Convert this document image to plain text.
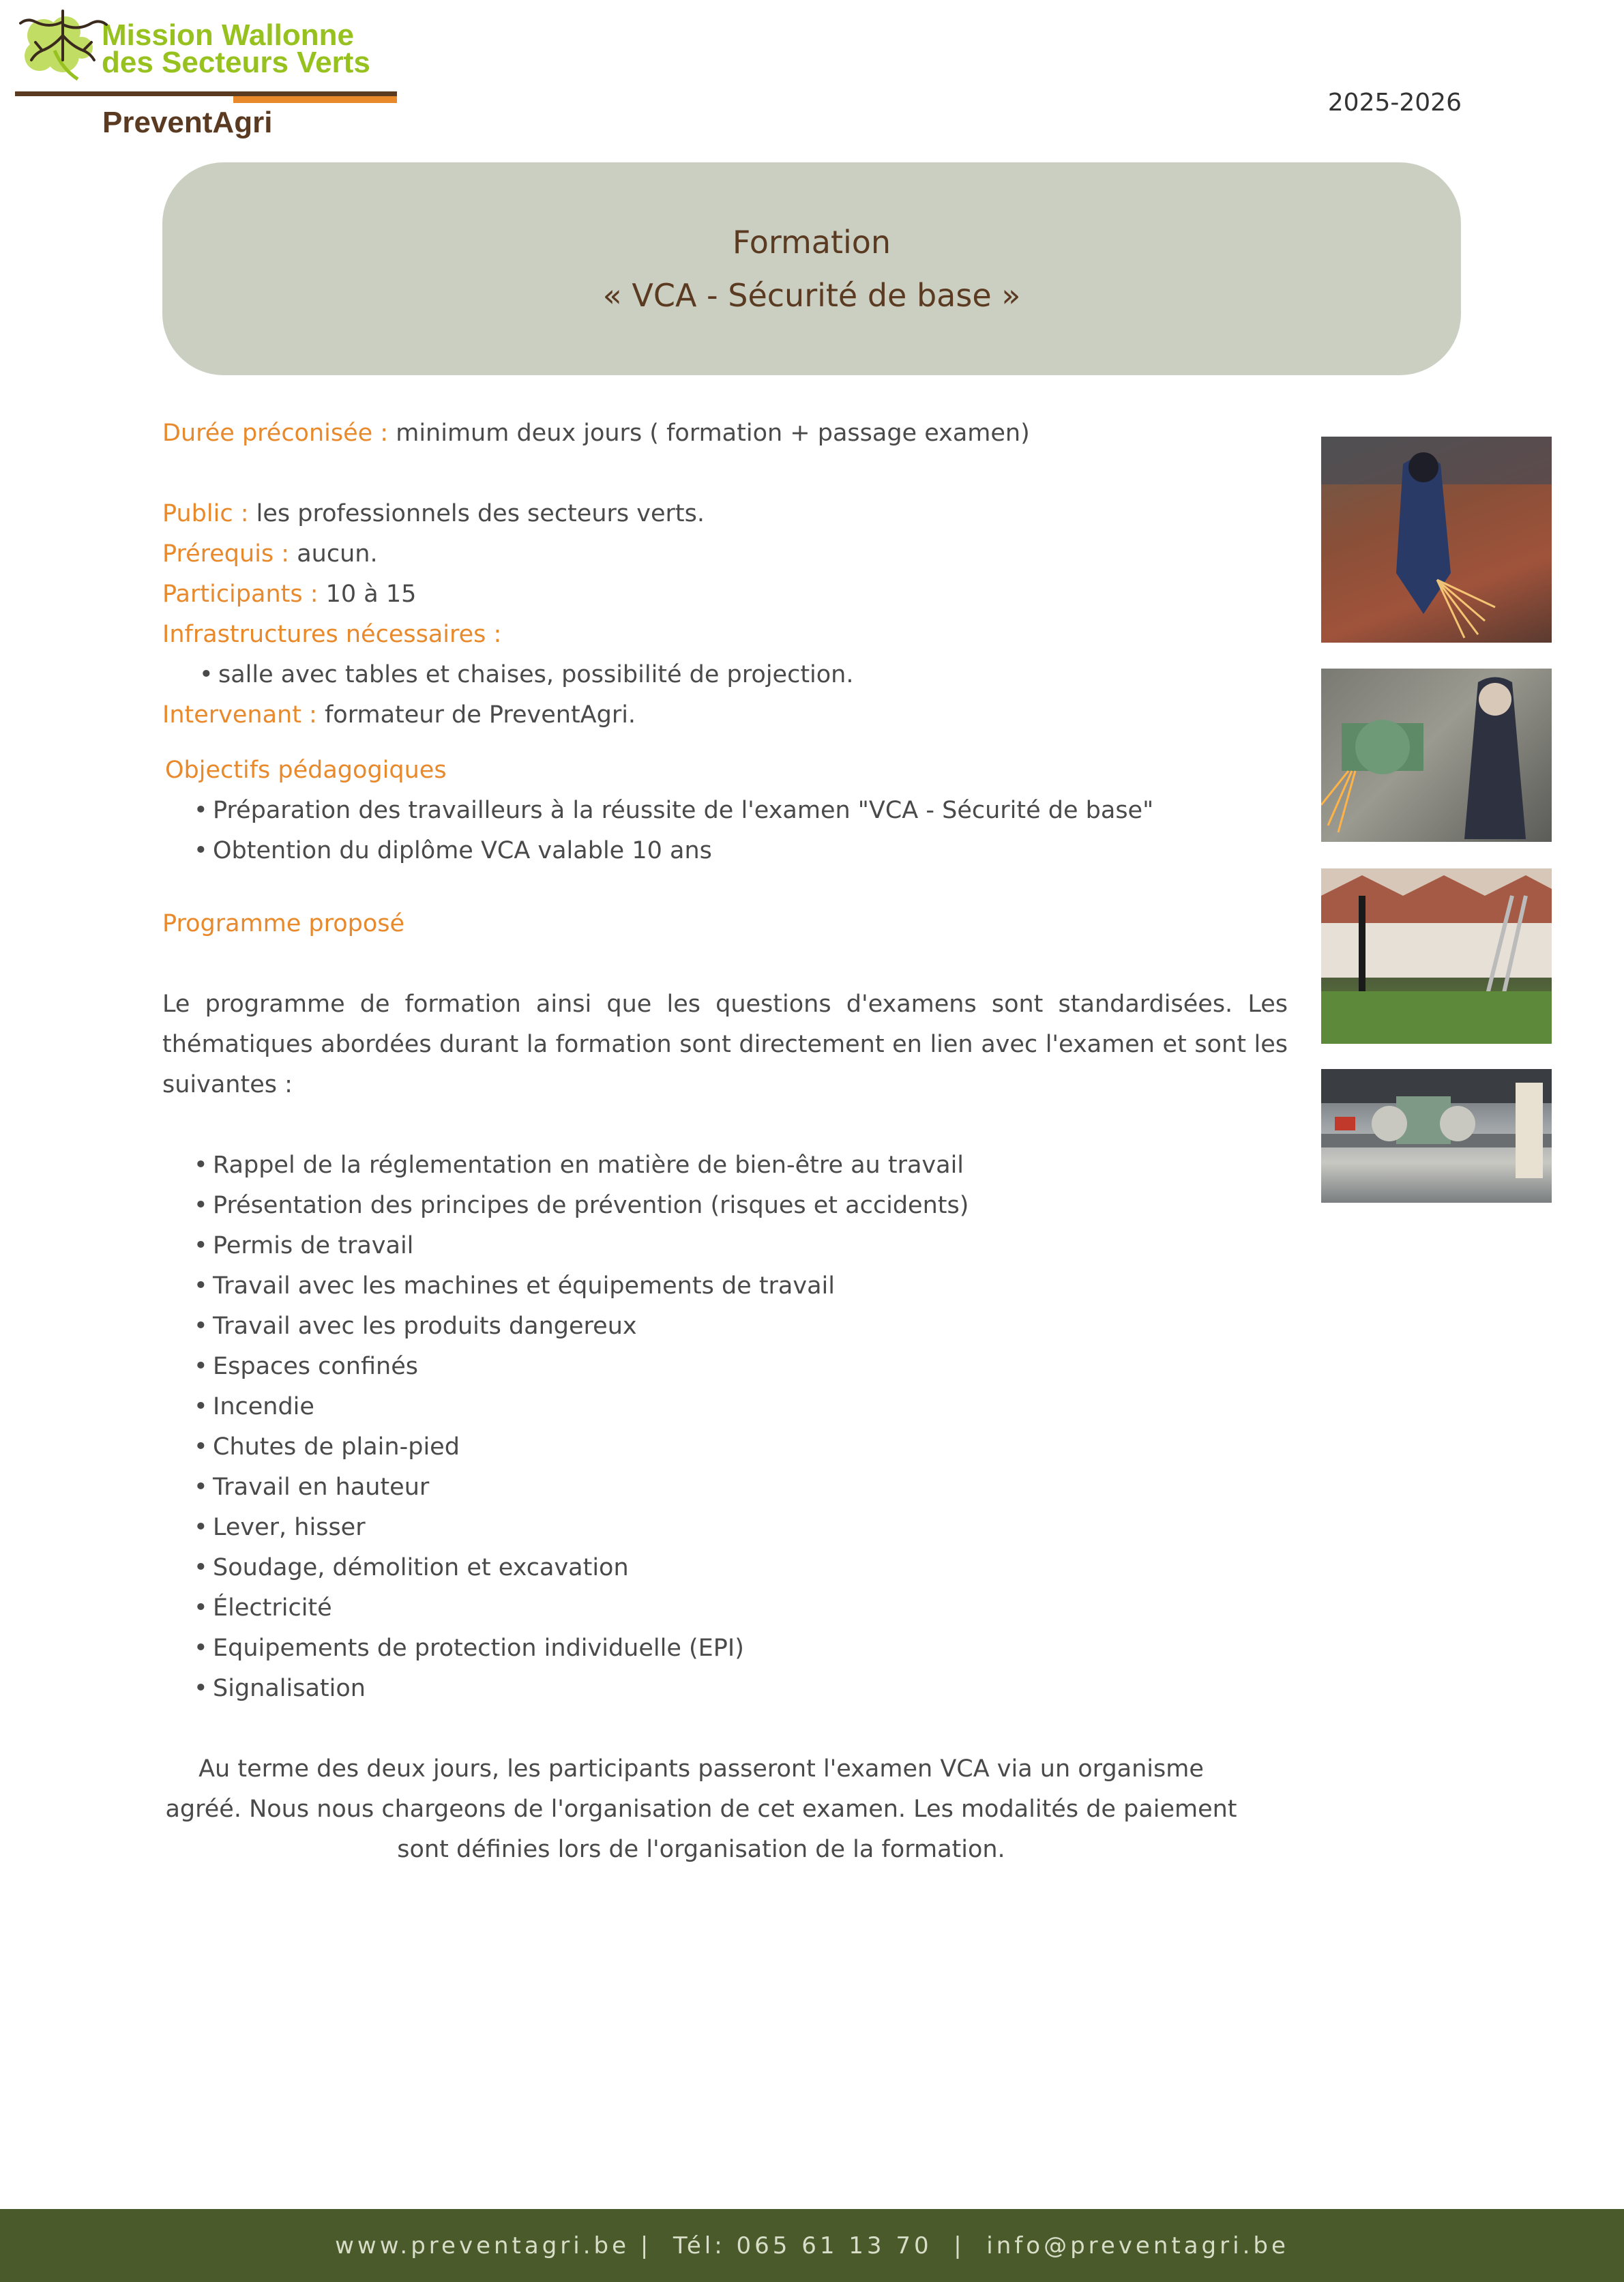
Mission Wallonne
des Secteurs Verts
PreventAgri
2025-2026
Formation
« VCA - Sécurité de base »

Durée préconisée : minimum deux jours ( formation + passage examen)

Public : les professionnels des secteurs verts.

Prérequis : aucun.

Participants : 10 à 15

Infrastructures nécessaires :

• salle avec tables et chaises, possibilité de projection.

Intervenant : formateur de PreventAgri.

Objectifs pédagogiques
• Préparation des travailleurs à la réussite de l'examen "VCA - Sécurité de base"
• Obtention du diplôme VCA valable 10 ans
Programme proposé

Le programme de formation ainsi que les questions d'examens sont standardisées. Les thématiques abordées durant la formation sont directement en lien avec l'examen et sont les suivantes :

• Rappel de la réglementation en matière de bien-être au travail
• Présentation des principes de prévention (risques et accidents)
• Permis de travail
• Travail avec les machines et équipements de travail
• Travail avec les produits dangereux
• Espaces confinés
• Incendie
• Chutes de plain-pied
• Travail en hauteur
• Lever, hisser
• Soudage, démolition et excavation
• Électricité
• Equipements de protection individuelle (EPI)
• Signalisation

Au terme des deux jours, les participants passeront l'examen VCA via un organisme agréé. Nous nous chargeons de l'organisation de cet examen. Les modalités de paiement sont définies lors de l'organisation de la formation.

www.preventagri.be |  Tél: 065 61 13 70  |  info@preventagri.be
